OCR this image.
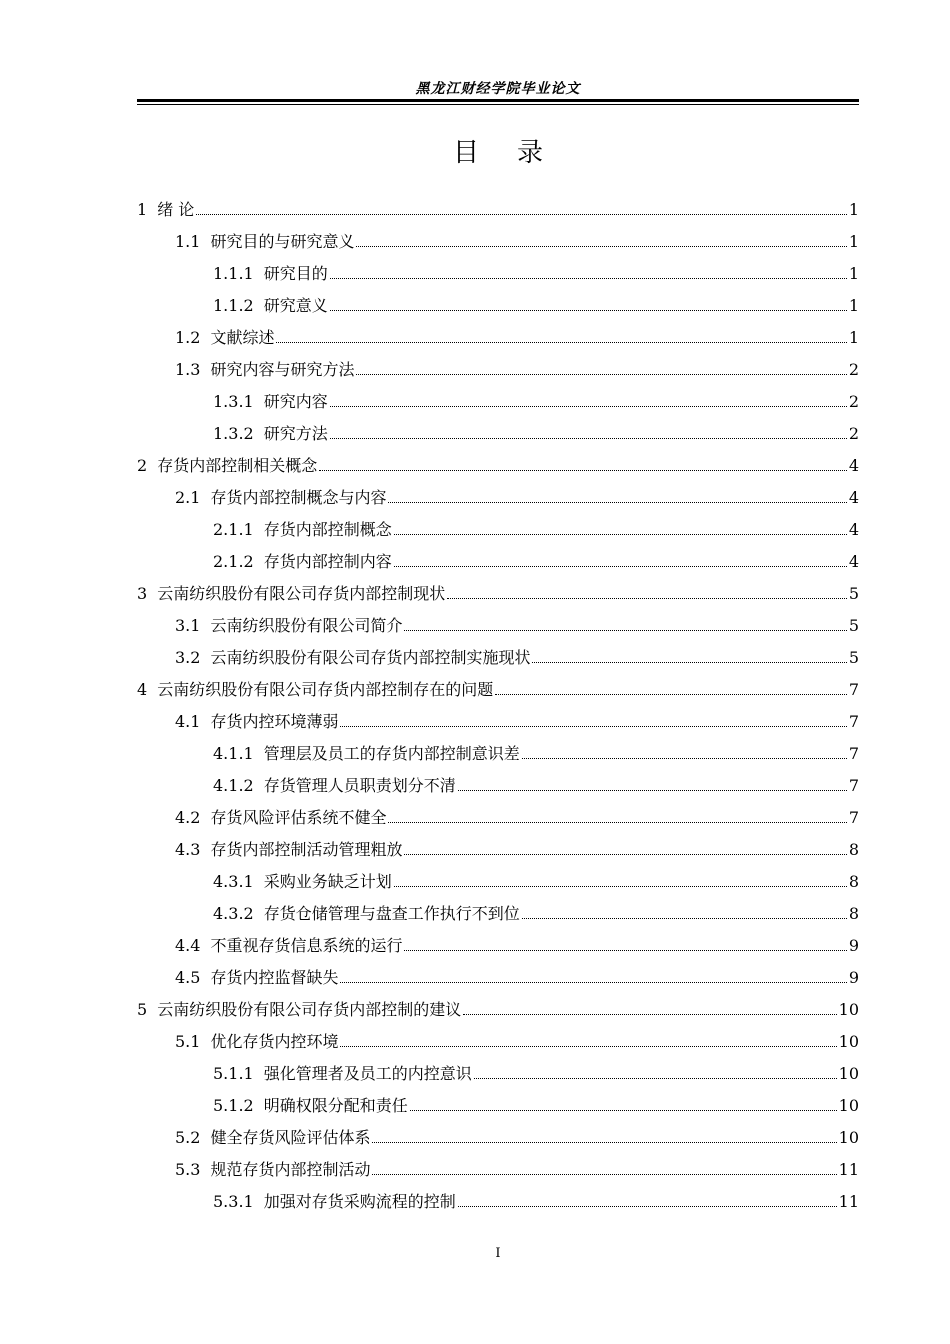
黑龙江财经学院毕业论文
目录
1 绪 论	1
1.1 研究目的与研究意义	1
1.1.1 研究目的	1
1.1.2 研究意义	1
1.2 文献综述	1
1.3 研究内容与研究方法	2
1.3.1 研究内容	2
1.3.2 研究方法	2
2 存货内部控制相关概念	4
2.1 存货内部控制概念与内容	4
2.1.1 存货内部控制概念	4
2.1.2 存货内部控制内容	4
3 云南纺织股份有限公司存货内部控制现状	5
3.1 云南纺织股份有限公司简介	5
3.2 云南纺织股份有限公司存货内部控制实施现状	5
4 云南纺织股份有限公司存货内部控制存在的问题	7
4.1 存货内控环境薄弱	7
4.1.1 管理层及员工的存货内部控制意识差	7
4.1.2 存货管理人员职责划分不清	7
4.2 存货风险评估系统不健全	7
4.3 存货内部控制活动管理粗放	8
4.3.1 采购业务缺乏计划	8
4.3.2 存货仓储管理与盘查工作执行不到位	8
4.4 不重视存货信息系统的运行	9
4.5 存货内控监督缺失	9
5 云南纺织股份有限公司存货内部控制的建议	10
5.1 优化存货内控环境	10
5.1.1 强化管理者及员工的内控意识	10
5.1.2 明确权限分配和责任	10
5.2 健全存货风险评估体系	10
5.3 规范存货内部控制活动	11
5.3.1 加强对存货采购流程的控制	11
I
